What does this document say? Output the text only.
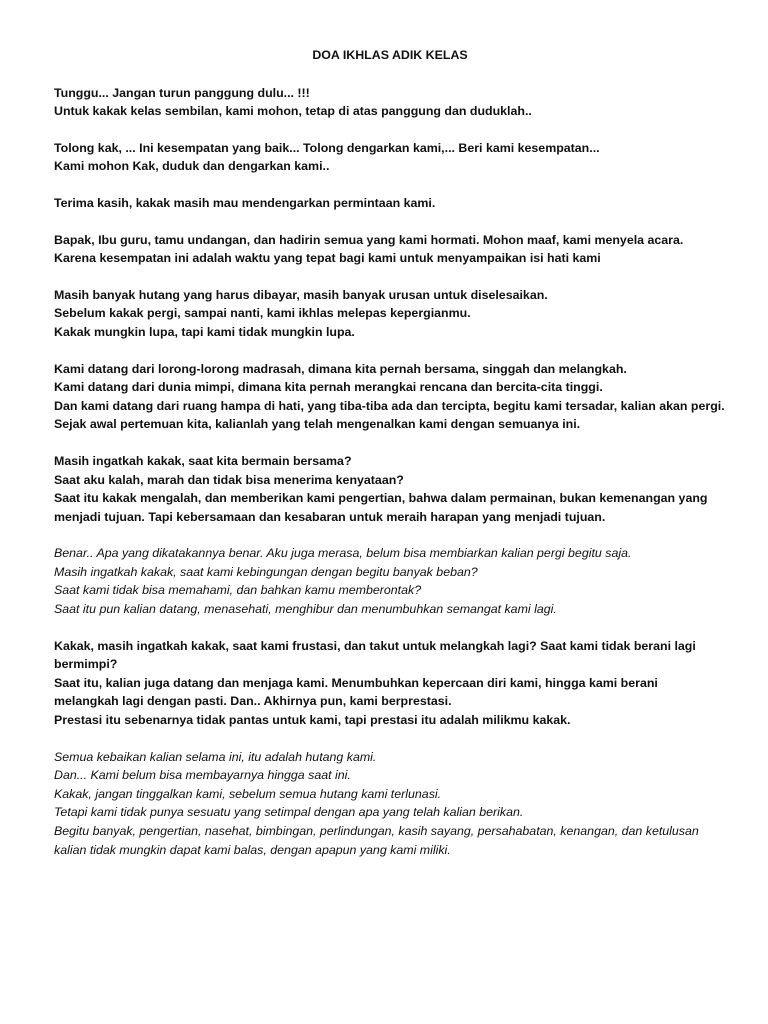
DOA IKHLAS ADIK KELAS
Tunggu... Jangan turun panggung dulu... !!!
Untuk kakak kelas sembilan, kami mohon, tetap di atas panggung dan duduklah..
Tolong kak, ... Ini kesempatan yang baik... Tolong dengarkan kami,... Beri kami kesempatan...
Kami mohon Kak, duduk dan dengarkan kami..
Terima kasih, kakak masih mau mendengarkan permintaan kami.
Bapak, Ibu guru, tamu undangan, dan hadirin semua yang kami hormati. Mohon maaf, kami menyela acara. Karena kesempatan ini adalah waktu yang tepat bagi kami untuk menyampaikan isi hati kami
Masih banyak hutang yang harus dibayar, masih banyak urusan untuk diselesaikan.
Sebelum kakak pergi, sampai nanti, kami ikhlas melepas kepergianmu.
Kakak mungkin lupa, tapi kami tidak mungkin lupa.
Kami datang dari lorong-lorong madrasah, dimana kita pernah bersama, singgah dan melangkah.
Kami datang dari dunia mimpi, dimana kita pernah merangkai rencana dan bercita-cita tinggi.
Dan kami datang dari ruang hampa di hati, yang tiba-tiba ada dan tercipta, begitu kami tersadar, kalian akan pergi.
Sejak awal pertemuan kita, kalianlah yang telah mengenalkan kami dengan semuanya ini.
Masih ingatkah kakak, saat kita bermain bersama?
Saat aku kalah, marah dan tidak bisa menerima kenyataan?
Saat itu kakak mengalah, dan memberikan kami pengertian, bahwa dalam permainan, bukan kemenangan yang menjadi tujuan. Tapi kebersamaan dan kesabaran untuk meraih harapan yang menjadi tujuan.
Benar.. Apa yang dikatakannya benar. Aku juga merasa, belum bisa membiarkan kalian pergi begitu saja.
Masih ingatkah kakak, saat kami kebingungan dengan begitu banyak beban?
Saat kami tidak bisa memahami, dan bahkan kamu memberontak?
Saat itu pun kalian datang, menasehati, menghibur dan menumbuhkan semangat kami lagi.
Kakak, masih ingatkah kakak, saat kami frustasi, dan takut untuk melangkah lagi? Saat kami tidak berani lagi bermimpi?
Saat itu, kalian juga datang dan menjaga kami. Menumbuhkan kepercaan diri kami, hingga kami berani melangkah lagi dengan pasti. Dan.. Akhirnya pun, kami berprestasi.
Prestasi itu sebenarnya tidak pantas untuk kami, tapi prestasi itu adalah milikmu kakak.
Semua kebaikan kalian selama ini, itu adalah hutang kami.
Dan... Kami belum bisa membayarnya hingga saat ini.
Kakak, jangan tinggalkan kami, sebelum semua hutang kami terlunasi.
Tetapi kami tidak punya sesuatu yang setimpal dengan apa yang telah kalian berikan.
Begitu banyak, pengertian, nasehat, bimbingan, perlindungan, kasih sayang, persahabatan, kenangan, dan ketulusan kalian tidak mungkin dapat kami balas, dengan apapun yang kami miliki.
